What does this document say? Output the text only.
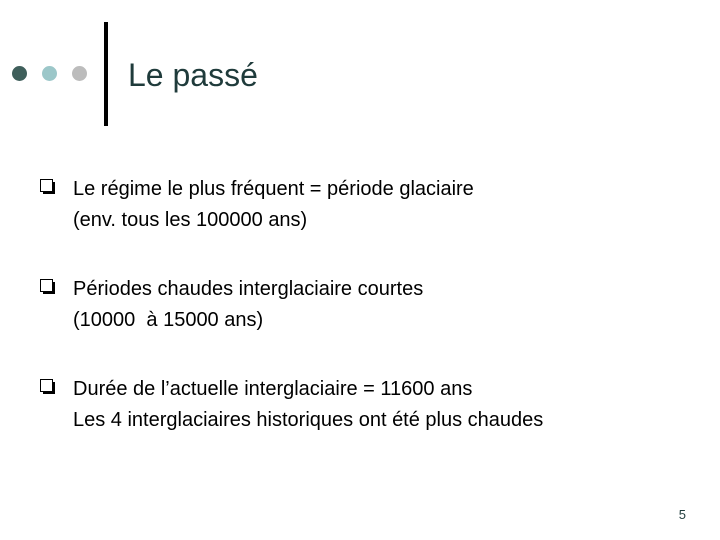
Le passé
Le régime le plus fréquent = période glaciaire
(env. tous les 100000 ans)
Périodes chaudes interglaciaire courtes
(10000  à 15000 ans)
Durée de l’actuelle interglaciaire = 11600 ans
Les 4 interglaciaires historiques ont été plus chaudes
5
